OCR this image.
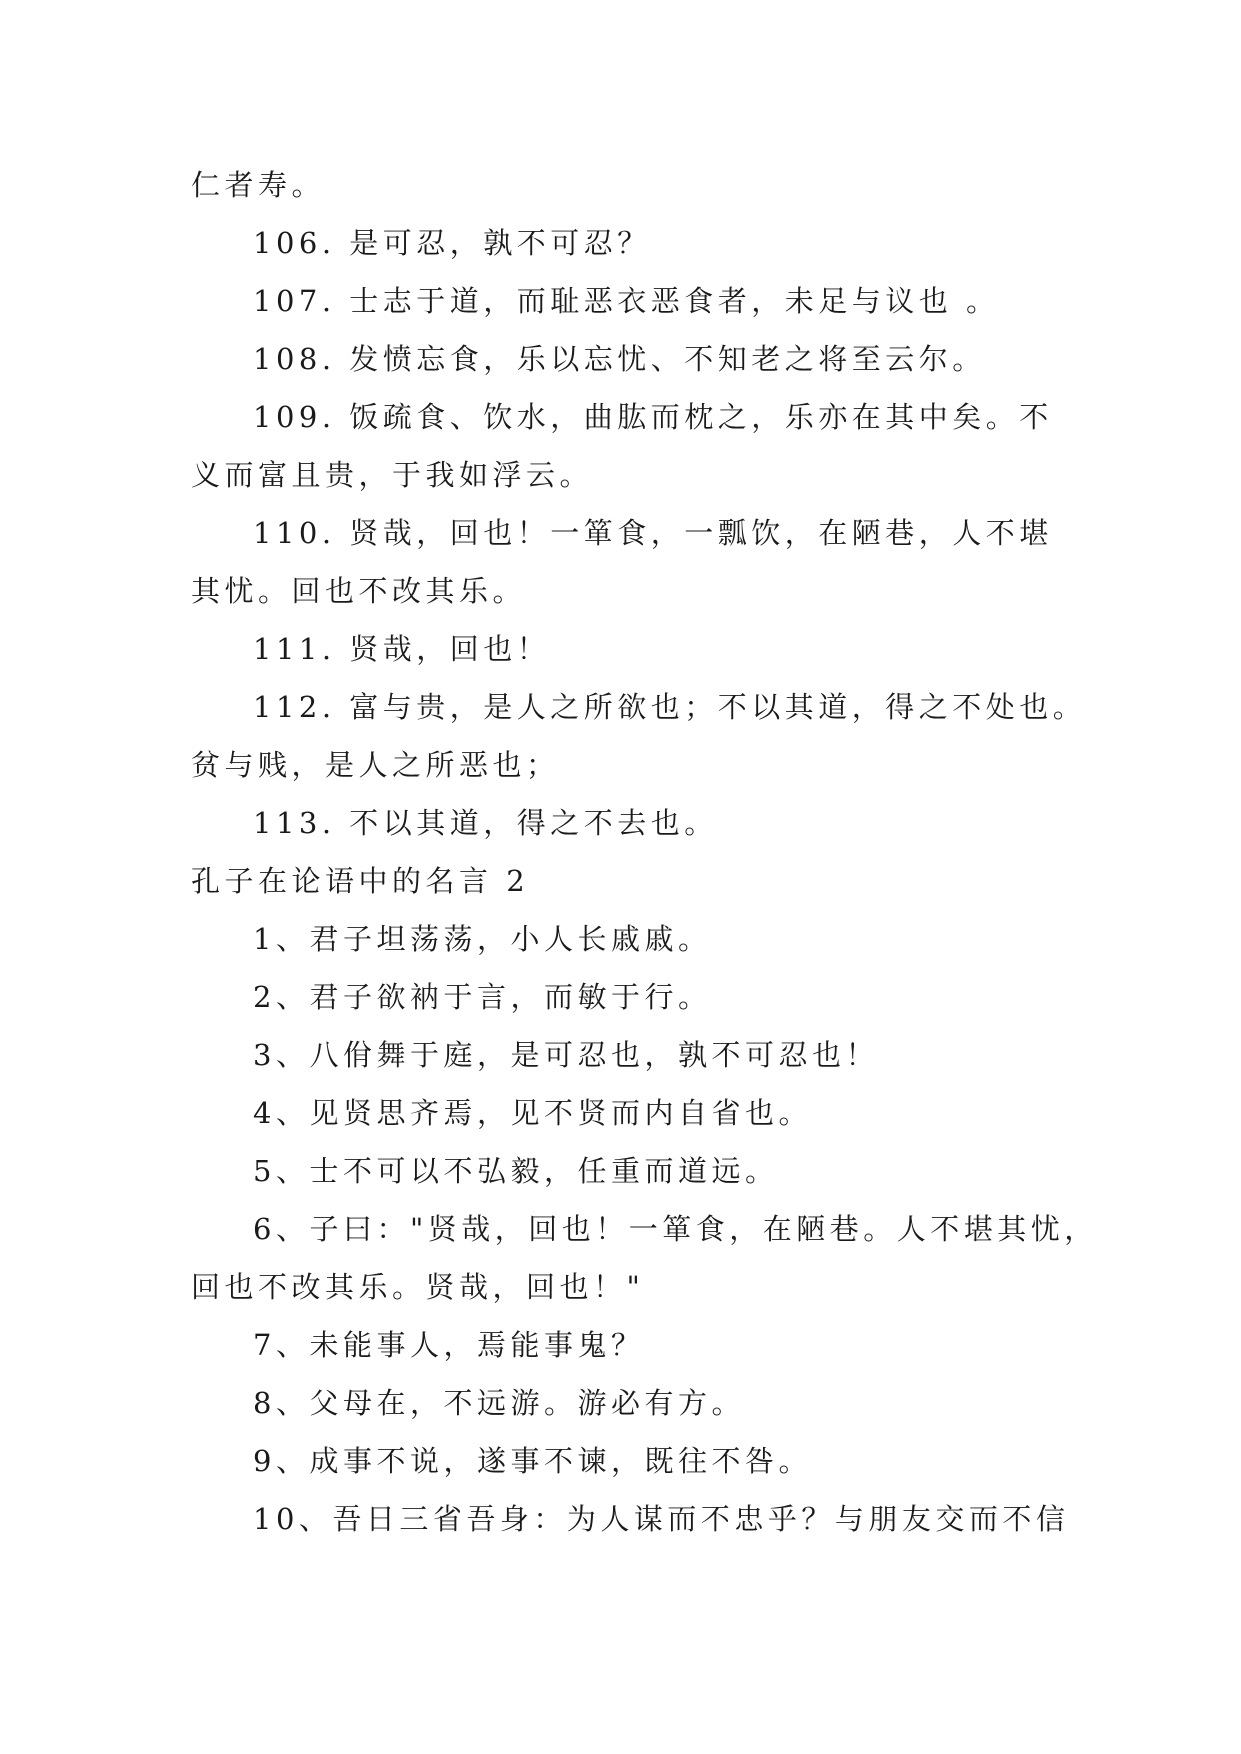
仁者寿。
106. 是可忍，孰不可忍？
107. 士志于道，而耻恶衣恶食者，未足与议也 。
108. 发愤忘食，乐以忘忧、不知老之将至云尔。
109. 饭疏食、饮水，曲肱而枕之，乐亦在其中矣。不
义而富且贵，于我如浮云。
110. 贤哉，回也！一箪食，一瓢饮，在陋巷，人不堪
其忧。回也不改其乐。
111. 贤哉，回也！
112. 富与贵，是人之所欲也；不以其道，得之不处也。
贫与贱，是人之所恶也；
113. 不以其道，得之不去也。
孔子在论语中的名言 2
1、君子坦荡荡，小人长戚戚。
2、君子欲衲于言，而敏于行。
3、八佾舞于庭，是可忍也，孰不可忍也！
4、见贤思齐焉，见不贤而内自省也。
5、士不可以不弘毅，任重而道远。
6、子曰："贤哉，回也！一箪食，在陋巷。人不堪其忧，
回也不改其乐。贤哉，回也！"
7、未能事人，焉能事鬼？
8、父母在，不远游。游必有方。
9、成事不说，遂事不谏，既往不咎。
10、吾日三省吾身：为人谋而不忠乎？与朋友交而不信
